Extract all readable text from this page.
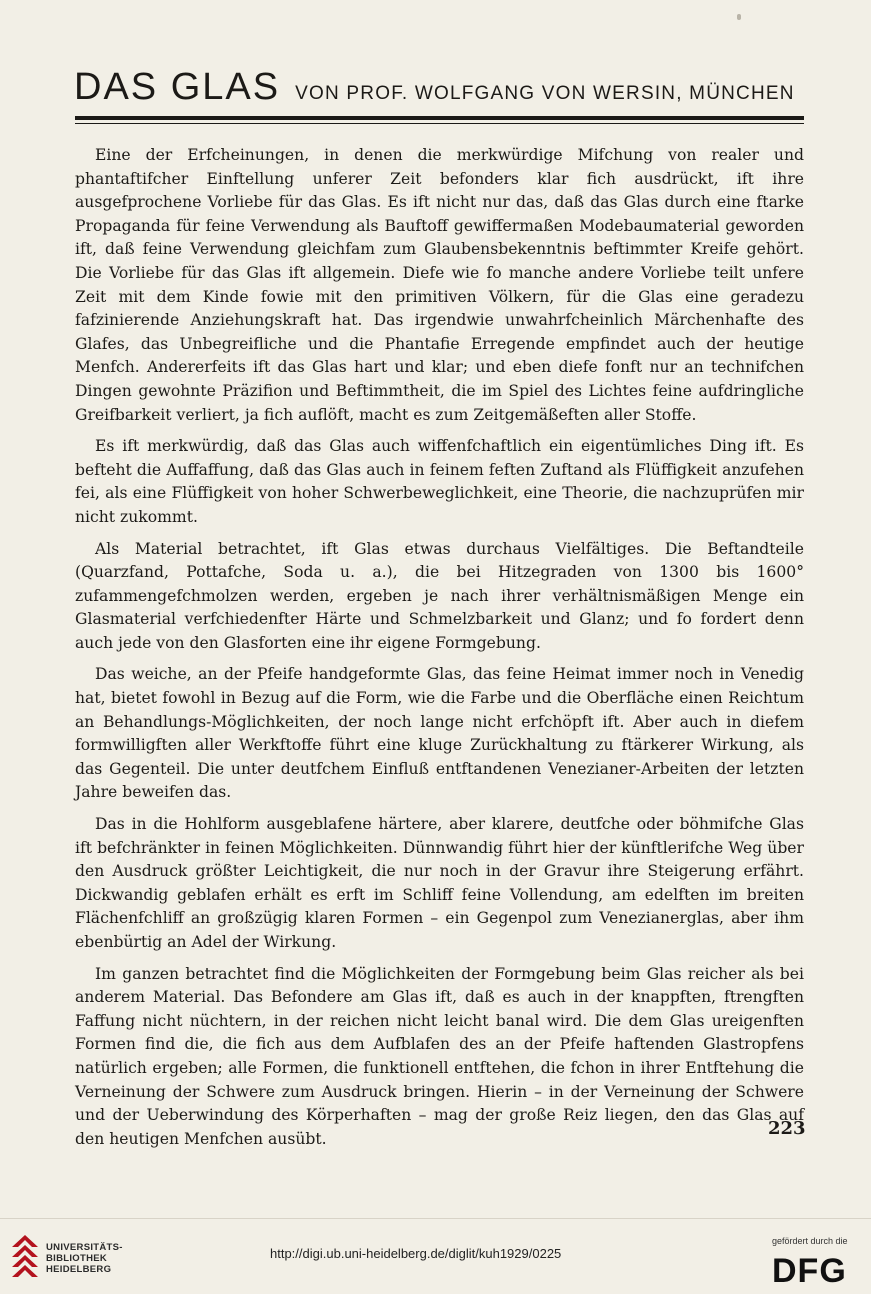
DAS GLAS VON PROF. WOLFGANG VON WERSIN, MÜNCHEN

Eine der Erfcheinungen, in denen die merkwürdige Mifchung von realer und phantaftifcher Einftellung unferer Zeit befonders klar fich ausdrückt, ift ihre ausgefprochene Vorliebe für das Glas. Es ift nicht nur das, daß das Glas durch eine ftarke Propaganda für feine Verwendung als Bauftoff gewiffermaßen Modebaumaterial geworden ift, daß feine Verwendung gleichfam zum Glaubensbekenntnis beftimmter Kreife gehört. Die Vorliebe für das Glas ift allgemein. Diefe wie fo manche andere Vorliebe teilt unfere Zeit mit dem Kinde fowie mit den primitiven Völkern, für die Glas eine geradezu fafzinierende Anziehungskraft hat. Das irgendwie unwahrfcheinlich Märchenhafte des Glafes, das Unbegreifliche und die Phantafie Erregende empfindet auch der heutige Menfch. Andererfeits ift das Glas hart und klar; und eben diefe fonft nur an technifchen Dingen gewohnte Präzifion und Beftimmtheit, die im Spiel des Lichtes feine aufdringliche Greifbarkeit verliert, ja fich auflöft, macht es zum Zeitgemäßeften aller Stoffe.

Es ift merkwürdig, daß das Glas auch wiffenfchaftlich ein eigentümliches Ding ift. Es befteht die Auffaffung, daß das Glas auch in feinem feften Zuftand als Flüffigkeit anzufehen fei, als eine Flüffigkeit von hoher Schwerbeweglichkeit, eine Theorie, die nachzuprüfen mir nicht zukommt.

Als Material betrachtet, ift Glas etwas durchaus Vielfältiges. Die Beftandteile (Quarzfand, Pottafche, Soda u. a.), die bei Hitzegraden von 1300 bis 1600° zufammengefchmolzen werden, ergeben je nach ihrer verhältnismäßigen Menge ein Glasmaterial verfchiedenfter Härte und Schmelzbarkeit und Glanz; und fo fordert denn auch jede von den Glasforten eine ihr eigene Formgebung.

Das weiche, an der Pfeife handgeformte Glas, das feine Heimat immer noch in Venedig hat, bietet fowohl in Bezug auf die Form, wie die Farbe und die Oberfläche einen Reichtum an Behandlungs-Möglichkeiten, der noch lange nicht erfchöpft ift. Aber auch in diefem formwilligften aller Werkftoffe führt eine kluge Zurückhaltung zu ftärkerer Wirkung, als das Gegenteil. Die unter deutfchem Einfluß entftandenen Venezianer-Arbeiten der letzten Jahre beweifen das.

Das in die Hohlform ausgeblafene härtere, aber klarere, deutfche oder böhmifche Glas ift befchränkter in feinen Möglichkeiten. Dünnwandig führt hier der künftlerifche Weg über den Ausdruck größter Leichtigkeit, die nur noch in der Gravur ihre Steigerung erfährt. Dickwandig geblafen erhält es erft im Schliff feine Vollendung, am edelften im breiten Flächenfchliff an großzügig klaren Formen – ein Gegenpol zum Venezianerglas, aber ihm ebenbürtig an Adel der Wirkung.

Im ganzen betrachtet find die Möglichkeiten der Formgebung beim Glas reicher als bei anderem Material. Das Befondere am Glas ift, daß es auch in der knappften, ftrengften Faffung nicht nüchtern, in der reichen nicht leicht banal wird. Die dem Glas ureigenften Formen find die, die fich aus dem Aufblafen des an der Pfeife haftenden Glastropfens natürlich ergeben; alle Formen, die funktionell entftehen, die fchon in ihrer Entftehung die Verneinung der Schwere zum Ausdruck bringen. Hierin – in der Verneinung der Schwere und der Ueberwindung des Körperhaften – mag der große Reiz liegen, den das Glas auf den heutigen Menfchen ausübt.	223
UNIVERSITÄTS-
BIBLIOTHEK
HEIDELBERG
http://digi.ub.uni-heidelberg.de/diglit/kuh1929/0225
gefördert durch die
DFG
